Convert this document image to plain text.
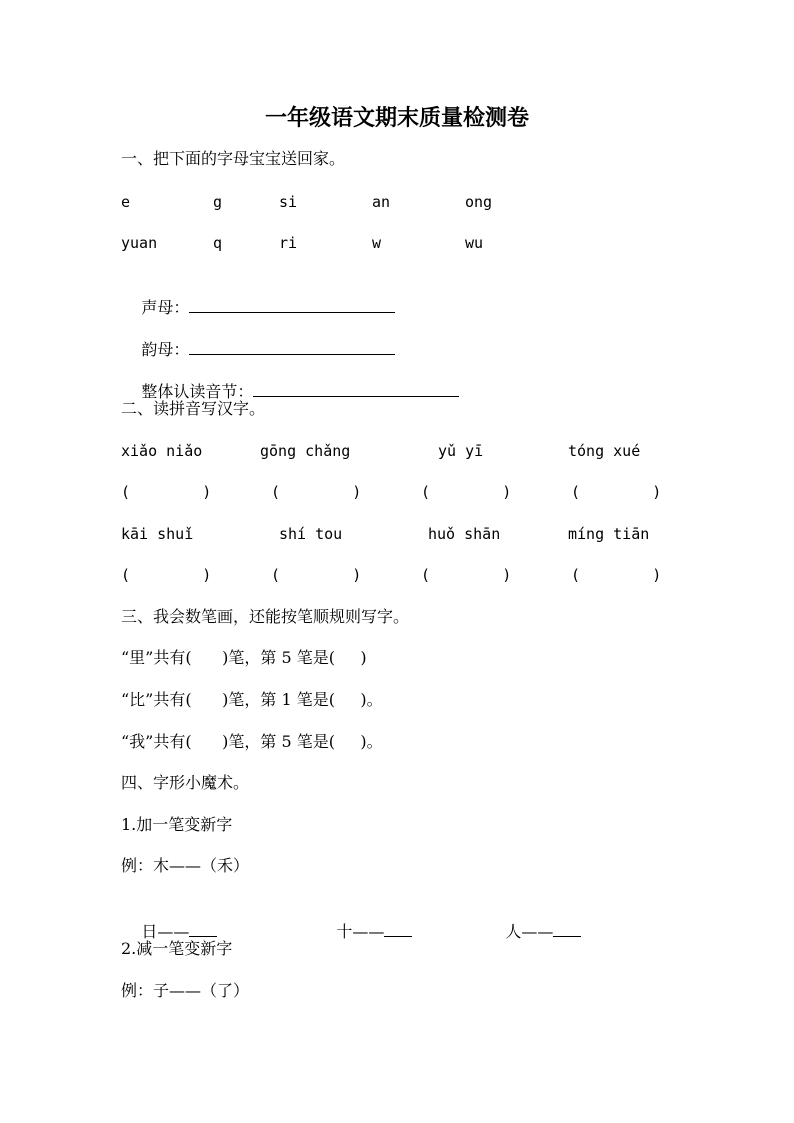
一年级语文期末质量检测卷
一、把下面的字母宝宝送回家。
e	g	si	an	ong
yuan	q	ri	w	wu

声母：

韵母：

整体认读音节：

二、读拼音写汉字。
xiǎo niǎo	gōng chǎng	yǔ yī	tóng xué
(        )	(        )	(        )	(        )
kāi shuǐ	shí tou	huǒ shān	míng tiān
(        )	(        )	(        )	(        )
三、我会数笔画，还能按笔顺规则写字。
“里”共有(      )笔，第 5 笔是(     )
“比”共有(      )笔，第 1 笔是(     )。
“我”共有(      )笔，第 5 笔是(     )。
四、字形小魔术。
1.加一笔变新字
例：木——（禾）

日——
	十——
	人——

2.减一笔变新字
例：子——（了）
